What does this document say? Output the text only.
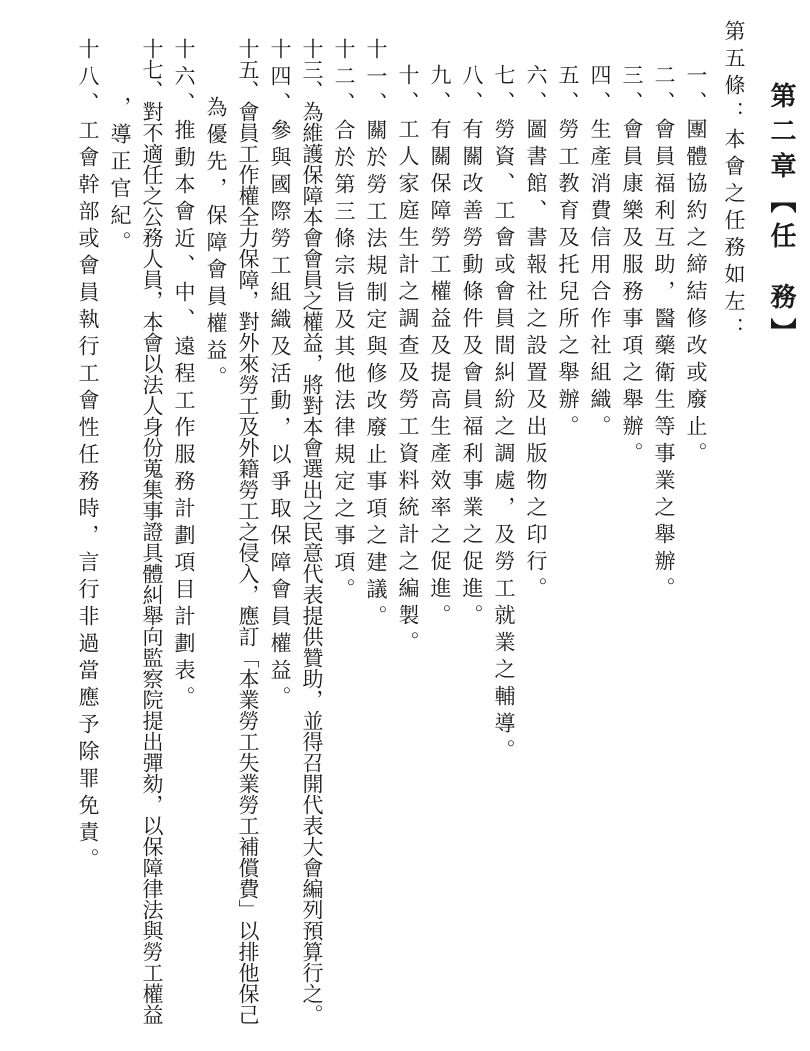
第二章【任務】
第五條：本會之任務如左：
一、團體協約之締結修改或廢止。
二、會員福利互助，醫藥衛生等事業之舉辦。
三、會員康樂及服務事項之舉辦。
四、生產消費信用合作社組織。
五、勞工教育及托兒所之舉辦。
六、圖書館、書報社之設置及出版物之印行。
七、勞資、工會或會員間糾紛之調處，及勞工就業之輔導。
八、有關改善勞動條件及會員福利事業之促進。
九、有關保障勞工權益及提高生產效率之促進。
十、工人家庭生計之調查及勞工資料統計之編製。
十一、關於勞工法規制定與修改廢止事項之建議。
十二、合於第三條宗旨及其他法律規定之事項。
十三、為維護保障本會會員之權益，將對本會選出之民意代表提供贊助，並得召開代表大會編列預算行之。
十四、參與國際勞工組織及活動，以爭取保障會員權益。
十五、會員工作權全力保障，對外來勞工及外籍勞工之侵入，應訂「本業勞工失業勞工補償費」以排他保己
為優先，保障會員權益。
十六、推動本會近、中、遠程工作服務計劃項目計劃表。
十七、對不適任之公務人員，本會以法人身份蒐集事證具體糾舉向監察院提出彈劾，以保障律法與勞工權益
，導正官紀。
十八、工會幹部或會員執行工會性任務時，言行非過當應予除罪免責。
